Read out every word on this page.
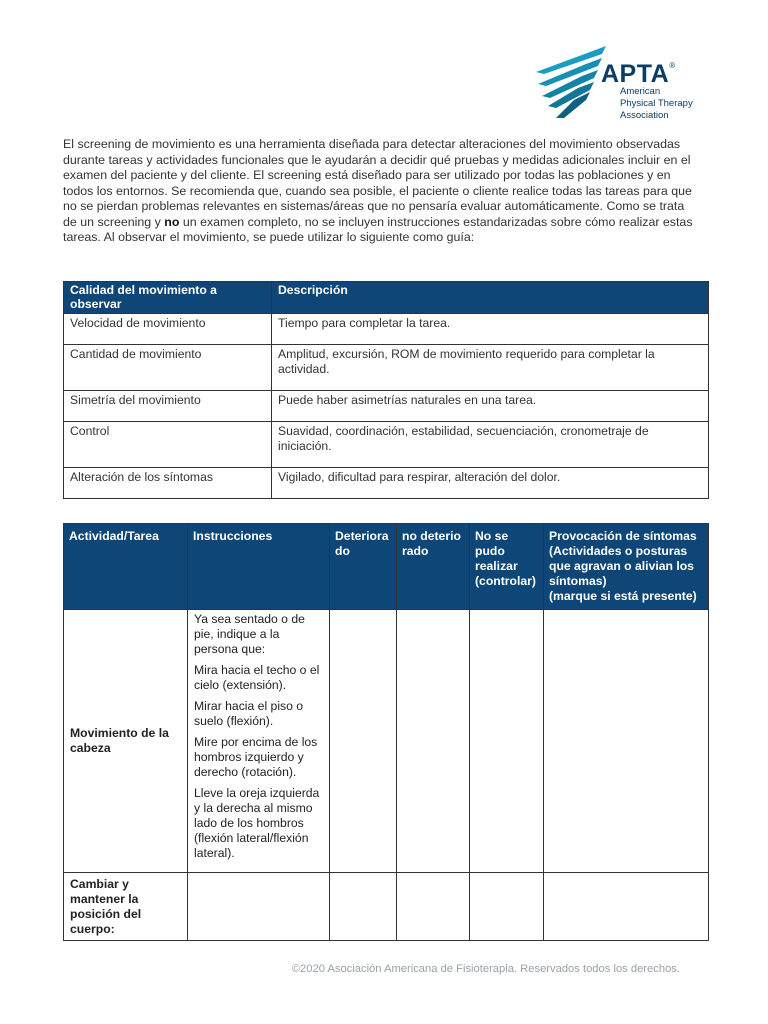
APTA®
American
Physical Therapy
Association

El screening de movimiento es una herramienta diseñada para detectar alteraciones del movimiento observadas durante tareas y actividades funcionales que le ayudarán a decidir qué pruebas y medidas adicionales incluir en el examen del paciente y del cliente. El screening está diseñado para ser utilizado por todas las poblaciones y en todos los entornos. Se recomienda que, cuando sea posible, el paciente o cliente realice todas las tareas para que no se pierdan problemas relevantes en sistemas/áreas que no pensaría evaluar automáticamente. Como se trata de un screening y no un examen completo, no se incluyen instrucciones estandarizadas sobre cómo realizar estas tareas. Al observar el movimiento, se puede utilizar lo siguiente como guía:

Calidad del movimiento a observar	Descripción
Velocidad de movimiento	Tiempo para completar la tarea.
Cantidad de movimiento	Amplitud, excursión, ROM de movimiento requerido para completar la actividad.
Simetría del movimiento	Puede haber asimetrías naturales en una tarea.
Control	Suavidad, coordinación, estabilidad, secuenciación, cronometraje de iniciación.
Alteración de los síntomas	Vigilado, dificultad para respirar, alteración del dolor.
Actividad/Tarea	Instrucciones	Deteriorado	no deteriorado	No se pudo realizar (controlar)	Provocación de síntomas (Actividades o posturas que agravan o alivian los síntomas)
(marque si está presente)

Movimiento de la cabeza	Ya sea sentado o de pie, indique a la persona que:

Mira hacia el techo o el cielo (extensión).

Mirar hacia el piso o suelo (flexión).

Mire por encima de los hombros izquierdo y derecho (rotación).

Lleve la oreja izquierda y la derecha al mismo lado de los hombros (flexión lateral/flexión lateral).				

Cambiar y mantener la posición del cuerpo:					
©2020 Asociación Americana de Fisioterapia. Reservados todos los derechos.
